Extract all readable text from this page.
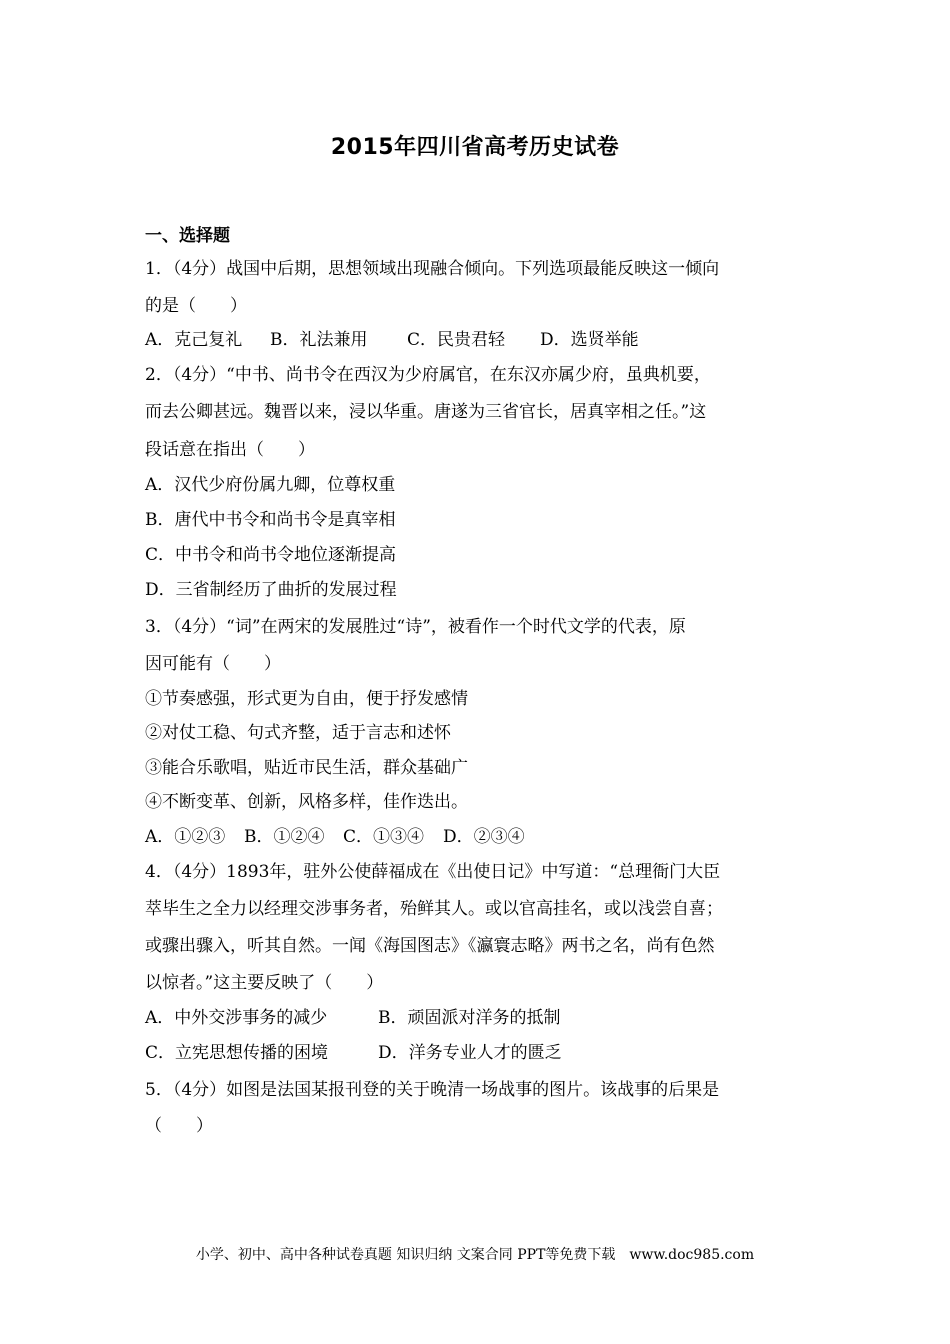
2015年四川省高考历史试卷
一、选择题
1．（4分）战国中后期，思想领域出现融合倾向。下列选项最能反映这一倾向
的是（　　）
A．克己复礼 B．礼法兼用 C．民贵君轻 D．选贤举能
2．（4分）“中书、尚书令在西汉为少府属官，在东汉亦属少府，虽典机要，
而去公卿甚远。魏晋以来，浸以华重。唐遂为三省官长，居真宰相之任。”这
段话意在指出（　　）
A．汉代少府份属九卿，位尊权重
B．唐代中书令和尚书令是真宰相
C．中书令和尚书令地位逐渐提高
D．三省制经历了曲折的发展过程
3．（4分）“词”在两宋的发展胜过“诗”，被看作一个时代文学的代表，原
因可能有（　　）
①节奏感强，形式更为自由，便于抒发感情
②对仗工稳、句式齐整，适于言志和述怀
③能合乐歌唱，贴近市民生活，群众基础广
④不断变革、创新，风格多样，佳作迭出。
A．①②③ B．①②④ C．①③④ D．②③④
4．（4分）1893年，驻外公使薛福成在《出使日记》中写道：“总理衙门大臣
萃毕生之全力以经理交涉事务者，殆鲜其人。或以官高挂名，或以浅尝自喜；
或骤出骤入，听其自然。一闻《海国图志》《瀛寰志略》两书之名，尚有色然
以惊者。”这主要反映了（　　）
A．中外交涉事务的减少	B．顽固派对洋务的抵制
C．立宪思想传播的困境	D．洋务专业人才的匮乏
5．（4分）如图是法国某报刊登的关于晚清一场战事的图片。该战事的后果是
（　　）
小学、初中、高中各种试卷真题 知识归纳 文案合同 PPT等免费下载　www.doc985.com
